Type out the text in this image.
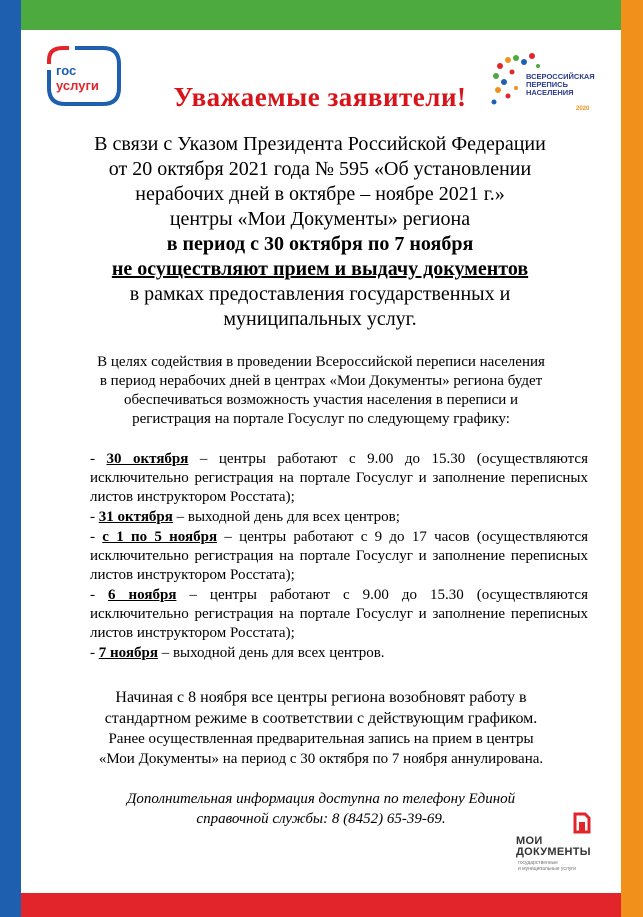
гос
услуги
2020
ВСЕРОССИЙСКАЯ
ПЕРЕПИСЬ
НАСЕЛЕНИЯ
Уважаемые заявители!
В связи с Указом Президента Российской Федерации
от 20 октября 2021 года № 595 «Об установлении
нерабочих дней в октябре – ноябре 2021 г.»
центры «Мои Документы» региона
в период с 30 октября по 7 ноября
не осуществляют прием и выдачу документов
в рамках предоставления государственных и
муниципальных услуг.
В целях содействия в проведении Всероссийской переписи населения
в период нерабочих дней в центрах «Мои Документы» региона будет
обеспечиваться возможность участия населения в переписи и
регистрация на портале Госуслуг по следующему графику:

- 30 октября – центры работают с 9.00 до 15.30 (осуществляются исключительно регистрация на портале Госуслуг и заполнение переписных листов инструктором Росстата);

- 31 октября – выходной день для всех центров;

- с 1 по 5 ноября – центры работают с 9 до 17 часов (осуществляются исключительно регистрация на портале Госуслуг и заполнение переписных листов инструктором Росстата);

- 6 ноября – центры работают с 9.00 до 15.30 (осуществляются исключительно регистрация на портале Госуслуг и заполнение переписных листов инструктором Росстата);

- 7 ноября – выходной день для всех центров.

Начиная с 8 ноября все центры региона возобновят работу в
стандартном режиме в соответствии с действующим графиком.
Ранее осуществленная предварительная запись на прием в центры
«Мои Документы» на период с 30 октября по 7 ноября аннулирована.
Дополнительная информация доступна по телефону Единой
справочной службы: 8 (8452) 65-39-69.
МОИ
ДОКУМЕНТЫ
государственные
и муниципальные услуги
